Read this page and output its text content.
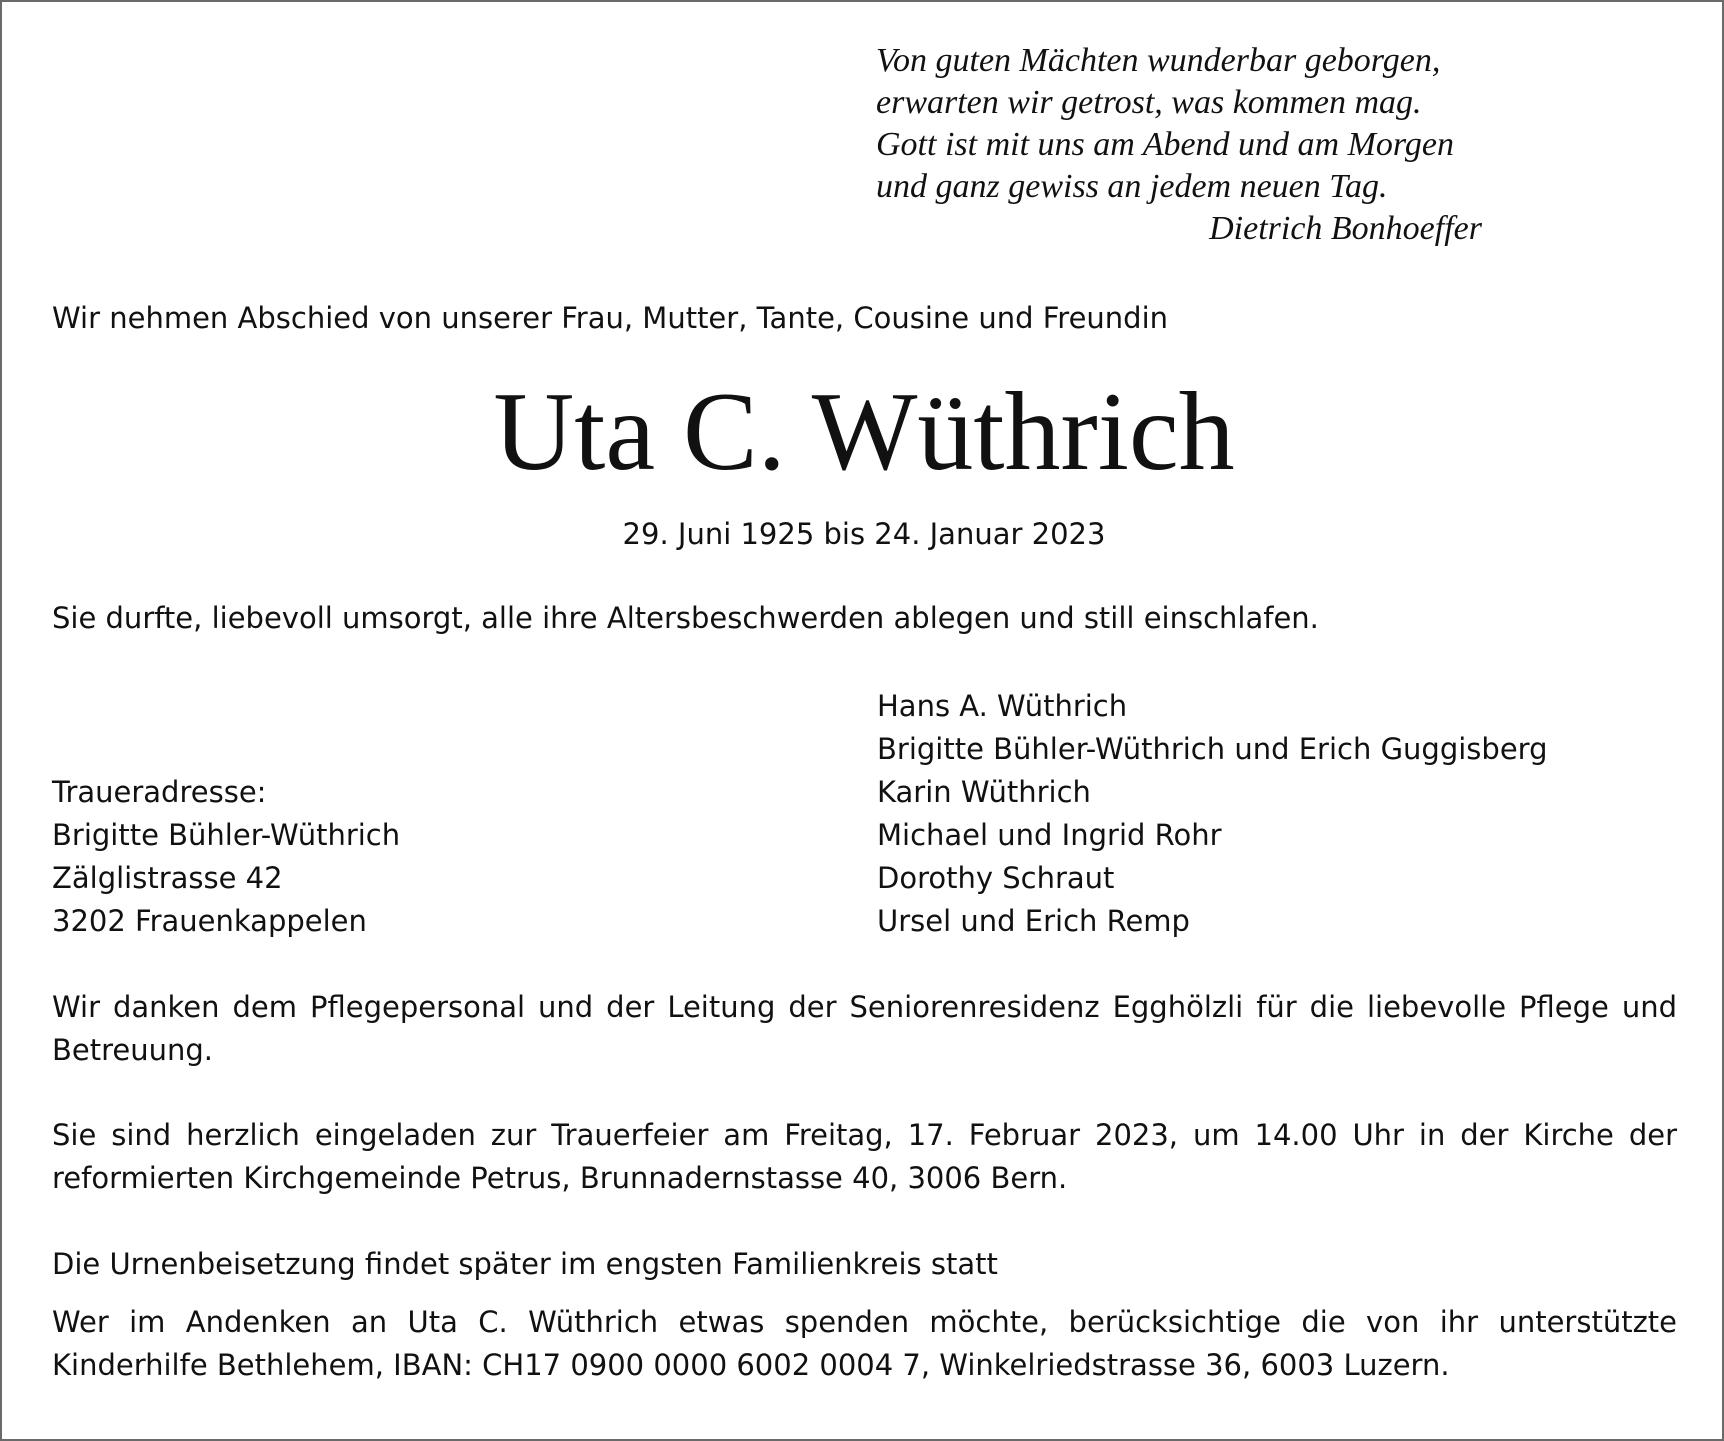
Von guten Mächten wunderbar geborgen,
erwarten wir getrost, was kommen mag.
Gott ist mit uns am Abend und am Morgen
und ganz gewiss an jedem neuen Tag.
Dietrich Bonhoeffer
Wir nehmen Abschied von unserer Frau, Mutter, Tante, Cousine und Freundin
Uta C. Wüthrich
29. Juni 1925 bis 24. Januar 2023
Sie durfte, liebevoll umsorgt, alle ihre Altersbeschwerden ablegen und still einschlafen.
Traueradresse:
Brigitte Bühler-Wüthrich
Zälglistrasse 42
3202 Frauenkappelen
Hans A. Wüthrich
Brigitte Bühler-Wüthrich und Erich Guggisberg
Karin Wüthrich
Michael und Ingrid Rohr
Dorothy Schraut
Ursel und Erich Remp
Wir danken dem Pflegepersonal und der Leitung der Seniorenresidenz Egghölzli für die liebevolle Pflege und Betreuung.
Sie sind herzlich eingeladen zur Trauerfeier am Freitag, 17. Februar 2023, um 14.00 Uhr in der Kirche der reformierten Kirchgemeinde Petrus, Brunnadernstasse 40, 3006 Bern.
Die Urnenbeisetzung findet später im engsten Familienkreis statt
Wer im Andenken an Uta C. Wüthrich etwas spenden möchte, berücksichtige die von ihr unterstützte Kinderhilfe Bethlehem, IBAN: CH17 0900 0000 6002 0004 7, Winkelriedstrasse 36, 6003 Luzern.
